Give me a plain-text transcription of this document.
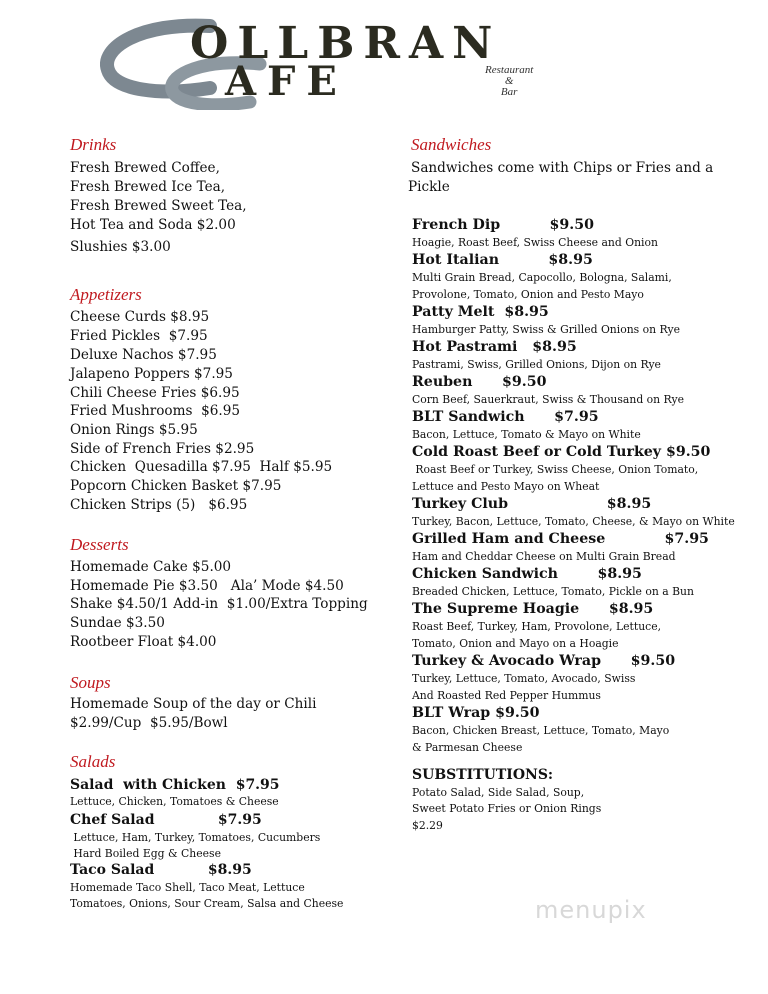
OLLBRAN
AFE	Restaurant
&
Bar
Drinks
Fresh Brewed Coffee,
Fresh Brewed Ice Tea,
Fresh Brewed Sweet Tea,
Hot Tea and Soda $2.00
Slushies $3.00
Appetizers
Cheese Curds $8.95
Fried Pickles  $7.95
Deluxe Nachos $7.95
Jalapeno Poppers $7.95
Chili Cheese Fries $6.95
Fried Mushrooms  $6.95
Onion Rings $5.95
Side of French Fries $2.95
Chicken  Quesadilla $7.95  Half $5.95
Popcorn Chicken Basket $7.95
Chicken Strips (5)   $6.95
Desserts
Homemade Cake $5.00
Homemade Pie $3.50   Ala’ Mode $4.50
Shake $4.50/1 Add-in  $1.00/Extra Topping
Sundae $3.50
Rootbeer Float $4.00
Soups
Homemade Soup of the day or Chili
$2.99/Cup  $5.95/Bowl
Salads
Salad  with Chicken  $7.95
Lettuce, Chicken, Tomatoes & Cheese
Chef Salad             $7.95
Lettuce, Ham, Turkey, Tomatoes, Cucumbers
Hard Boiled Egg & Cheese
Taco Salad           $8.95
Homemade Taco Shell, Taco Meat, Lettuce
Tomatoes, Onions, Sour Cream, Salsa and Cheese
Sandwiches
Sandwiches come with Chips or Fries and a
Pickle
French Dip          $9.50
Hoagie, Roast Beef, Swiss Cheese and Onion
Hot Italian          $8.95
Multi Grain Bread, Capocollo, Bologna, Salami,
Provolone, Tomato, Onion and Pesto Mayo
Patty Melt  $8.95
Hamburger Patty, Swiss & Grilled Onions on Rye
Hot Pastrami   $8.95
Pastrami, Swiss, Grilled Onions, Dijon on Rye
Reuben      $9.50
Corn Beef, Sauerkraut, Swiss & Thousand on Rye
BLT Sandwich      $7.95
Bacon, Lettuce, Tomato & Mayo on White
Cold Roast Beef or Cold Turkey $9.50
Roast Beef or Turkey, Swiss Cheese, Onion Tomato,
Lettuce and Pesto Mayo on Wheat
Turkey Club                    $8.95
Turkey, Bacon, Lettuce, Tomato, Cheese, & Mayo on White
Grilled Ham and Cheese            $7.95
Ham and Cheddar Cheese on Multi Grain Bread
Chicken Sandwich        $8.95
Breaded Chicken, Lettuce, Tomato, Pickle on a Bun
The Supreme Hoagie      $8.95
Roast Beef, Turkey, Ham, Provolone, Lettuce,
Tomato, Onion and Mayo on a Hoagie
Turkey & Avocado Wrap      $9.50
Turkey, Lettuce, Tomato, Avocado, Swiss
And Roasted Red Pepper Hummus
BLT Wrap $9.50
Bacon, Chicken Breast, Lettuce, Tomato, Mayo
& Parmesan Cheese
SUBSTITUTIONS:
Potato Salad, Side Salad, Soup,
Sweet Potato Fries or Onion Rings
$2.29
menupix
